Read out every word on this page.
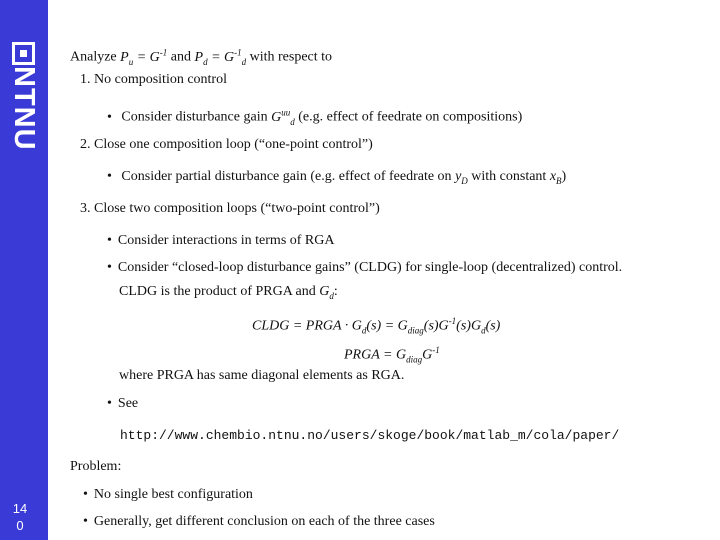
NTNU
14
0
Analyze $P_u = G^{-1}$ and $P_d = G^{-1}_d$ with respect to
1. No composition control
• Consider disturbance gain $G^{uu}_d$ (e.g. effect of feedrate on compositions)
2. Close one composition loop (“one-point control”)
• Consider partial disturbance gain (e.g. effect of feedrate on $y_D$ with constant $x_B$)
3. Close two composition loops (“two-point control”)
• Consider interactions in terms of RGA
• Consider “closed-loop disturbance gains” (CLDG) for single-loop (decentralized) control.
CLDG is the product of PRGA and $G_d$:
CLDG = PRGA · $G_d(s) = G_{diag}(s)G^{-1}(s)G_d(s)$
PRGA = $G_{diag}G^{-1}$
where PRGA has same diagonal elements as RGA.
• See
http://www.chembio.ntnu.no/users/skoge/book/matlab_m/cola/paper/
Problem:
• No single best configuration
• Generally, get different conclusion on each of the three cases
